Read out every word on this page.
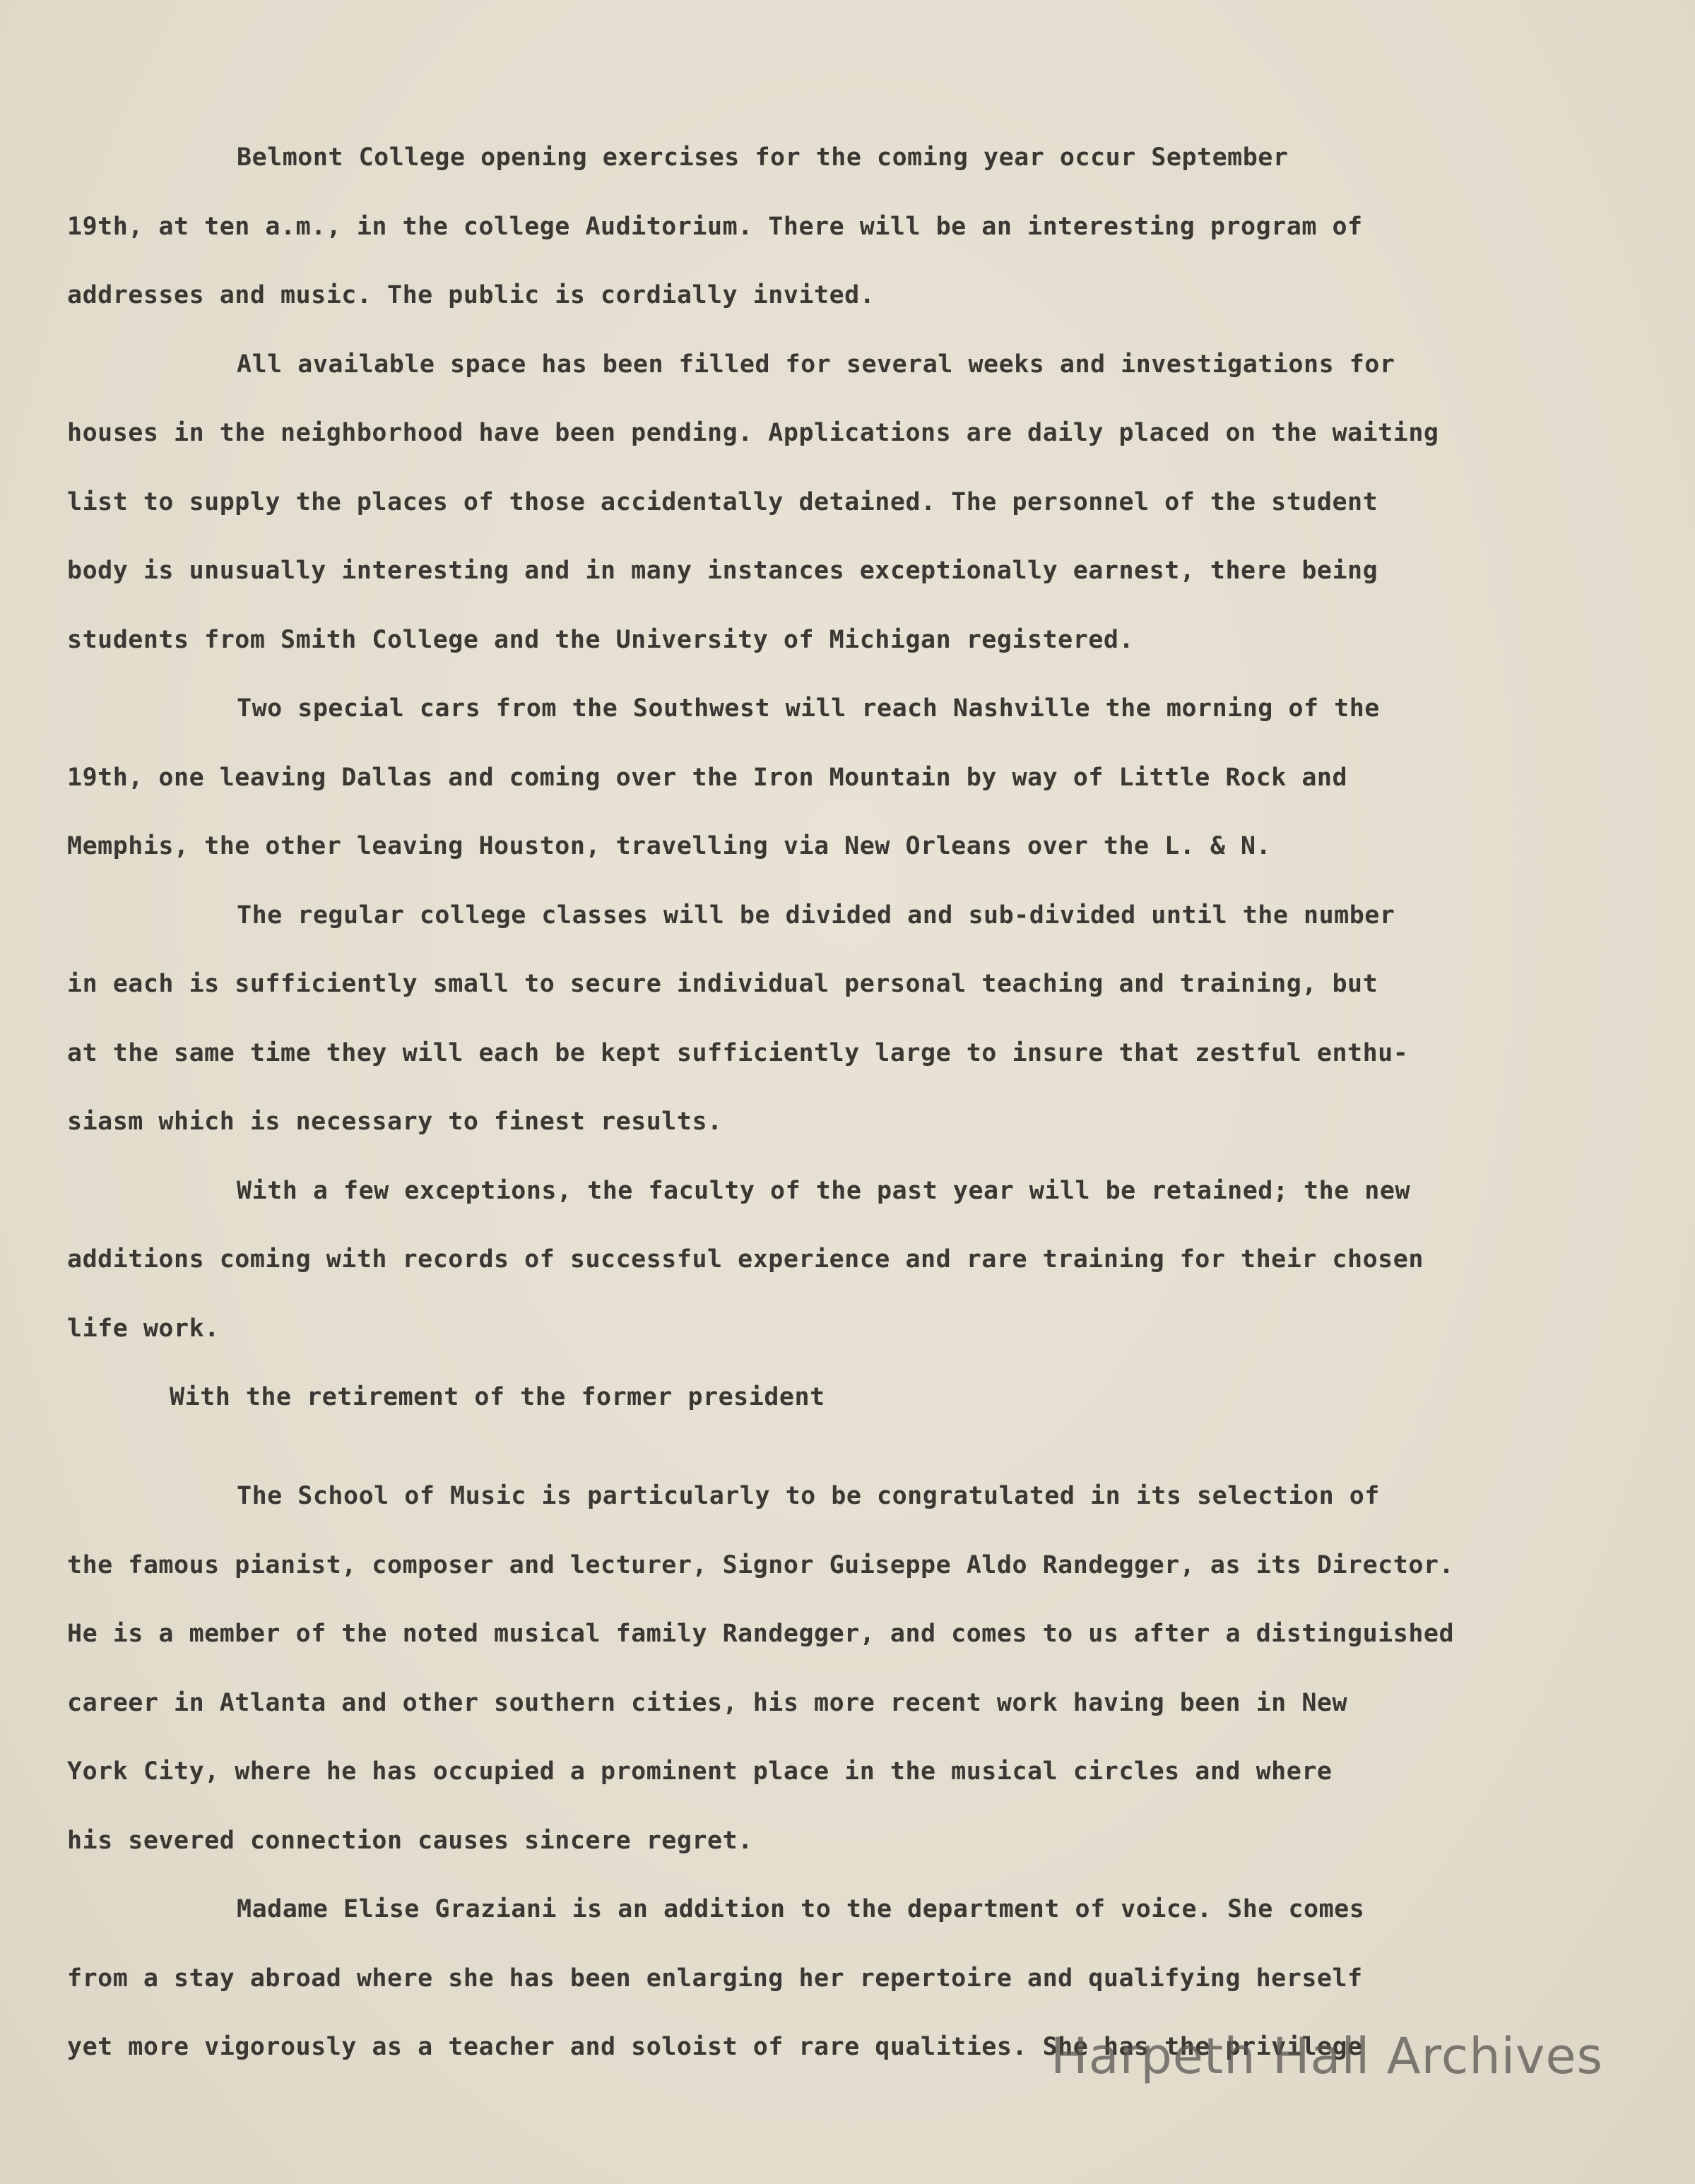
Belmont College opening exercises for the coming year occur September
19th, at ten a.m., in the college Auditorium. There will be an interesting program of
addresses and music. The public is cordially invited.
All available space has been filled for several weeks and investigations for
houses in the neighborhood have been pending. Applications are daily placed on the waiting
list to supply the places of those accidentally detained. The personnel of the student
body is unusually interesting and in many instances exceptionally earnest, there being
students from Smith College and the University of Michigan registered.
Two special cars from the Southwest will reach Nashville the morning of the
19th, one leaving Dallas and coming over the Iron Mountain by way of Little Rock and
Memphis, the other leaving Houston, travelling via New Orleans over the L. & N.
The regular college classes will be divided and sub-divided until the number
in each is sufficiently small to secure individual personal teaching and training, but
at the same time they will each be kept sufficiently large to insure that zestful enthu-
siasm which is necessary to finest results.
With a few exceptions, the faculty of the past year will be retained; the new
additions coming with records of successful experience and rare training for their chosen
life work.
With the retirement of the former president
The School of Music is particularly to be congratulated in its selection of
the famous pianist, composer and lecturer, Signor Guiseppe Aldo Randegger, as its Director.
He is a member of the noted musical family Randegger, and comes to us after a distinguished
career in Atlanta and other southern cities, his more recent work having been in New
York City, where he has occupied a prominent place in the musical circles and where
his severed connection causes sincere regret.
Madame Elise Graziani is an addition to the department of voice. She comes
from a stay abroad where she has been enlarging her repertoire and qualifying herself
yet more vigorously as a teacher and soloist of rare qualities. She has the privilege
Harpeth Hall Archives
